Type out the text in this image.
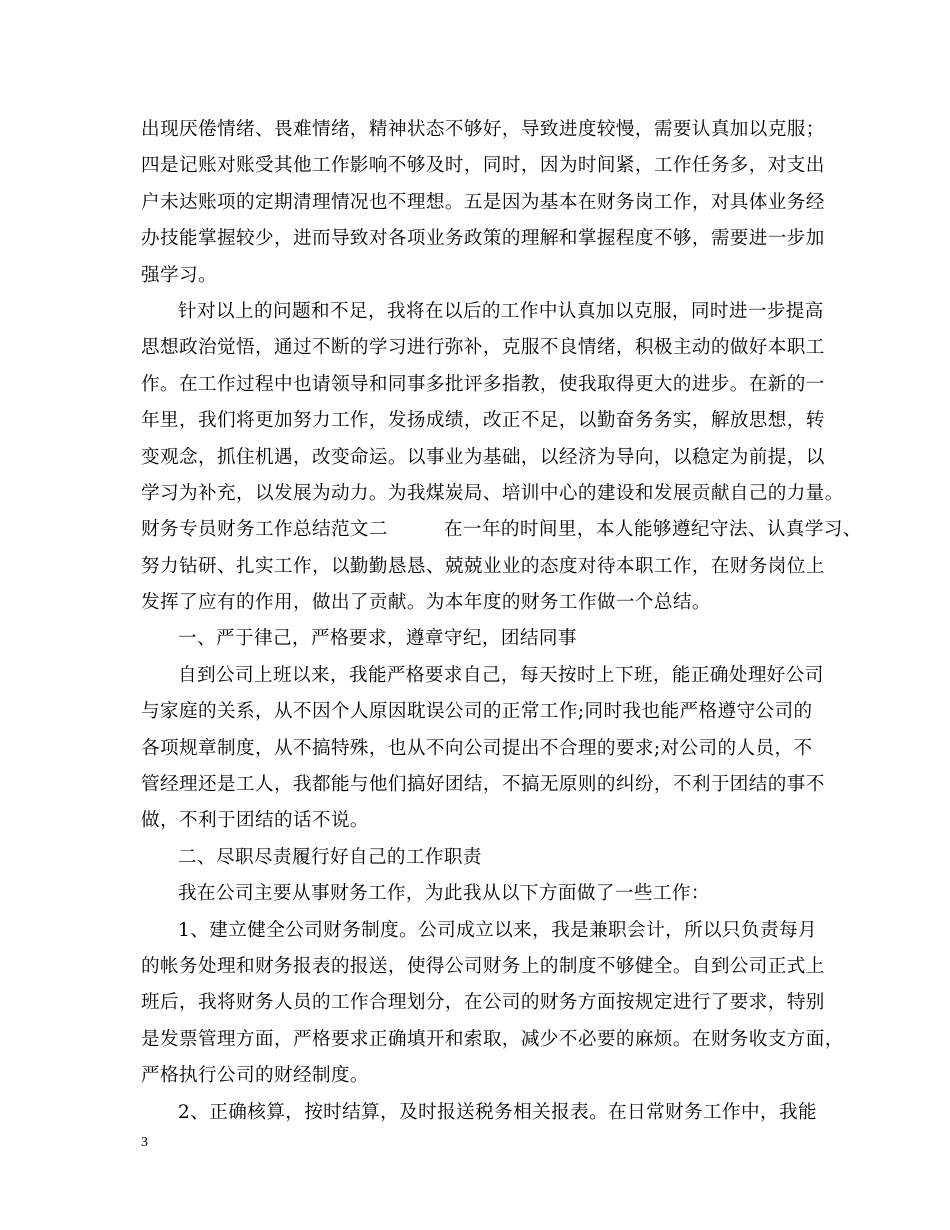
出现厌倦情绪、畏难情绪，精神状态不够好，导致进度较慢，需要认真加以克服；
四是记账对账受其他工作影响不够及时，同时，因为时间紧，工作任务多，对支出
户未达账项的定期清理情况也不理想。五是因为基本在财务岗工作，对具体业务经
办技能掌握较少，进而导致对各项业务政策的理解和掌握程度不够，需要进一步加
强学习。
针对以上的问题和不足，我将在以后的工作中认真加以克服，同时进一步提高
思想政治觉悟，通过不断的学习进行弥补，克服不良情绪，积极主动的做好本职工
作。在工作过程中也请领导和同事多批评多指教，使我取得更大的进步。在新的一
年里，我们将更加努力工作，发扬成绩，改正不足，以勤奋务务实，解放思想，转
变观念，抓住机遇，改变命运。以事业为基础，以经济为导向，以稳定为前提，以
学习为补充，以发展为动力。为我煤炭局、培训中心的建设和发展贡献自己的力量。
财务专员财务工作总结范文二	在一年的时间里，本人能够遵纪守法、认真学习、
努力钻研、扎实工作，以勤勤恳恳、兢兢业业的态度对待本职工作，在财务岗位上
发挥了应有的作用，做出了贡献。为本年度的财务工作做一个总结。
一、严于律己，严格要求，遵章守纪，团结同事
自到公司上班以来，我能严格要求自己，每天按时上下班，能正确处理好公司
与家庭的关系，从不因个人原因耽误公司的正常工作;同时我也能严格遵守公司的
各项规章制度，从不搞特殊，也从不向公司提出不合理的要求;对公司的人员，不
管经理还是工人，我都能与他们搞好团结，不搞无原则的纠纷，不利于团结的事不
做，不利于团结的话不说。
二、尽职尽责履行好自己的工作职责
我在公司主要从事财务工作，为此我从以下方面做了一些工作：
1、建立健全公司财务制度。公司成立以来，我是兼职会计，所以只负责每月
的帐务处理和财务报表的报送，使得公司财务上的制度不够健全。自到公司正式上
班后，我将财务人员的工作合理划分，在公司的财务方面按规定进行了要求，特别
是发票管理方面，严格要求正确填开和索取，减少不必要的麻烦。在财务收支方面，
严格执行公司的财经制度。
2、正确核算，按时结算，及时报送税务相关报表。在日常财务工作中，我能
3
